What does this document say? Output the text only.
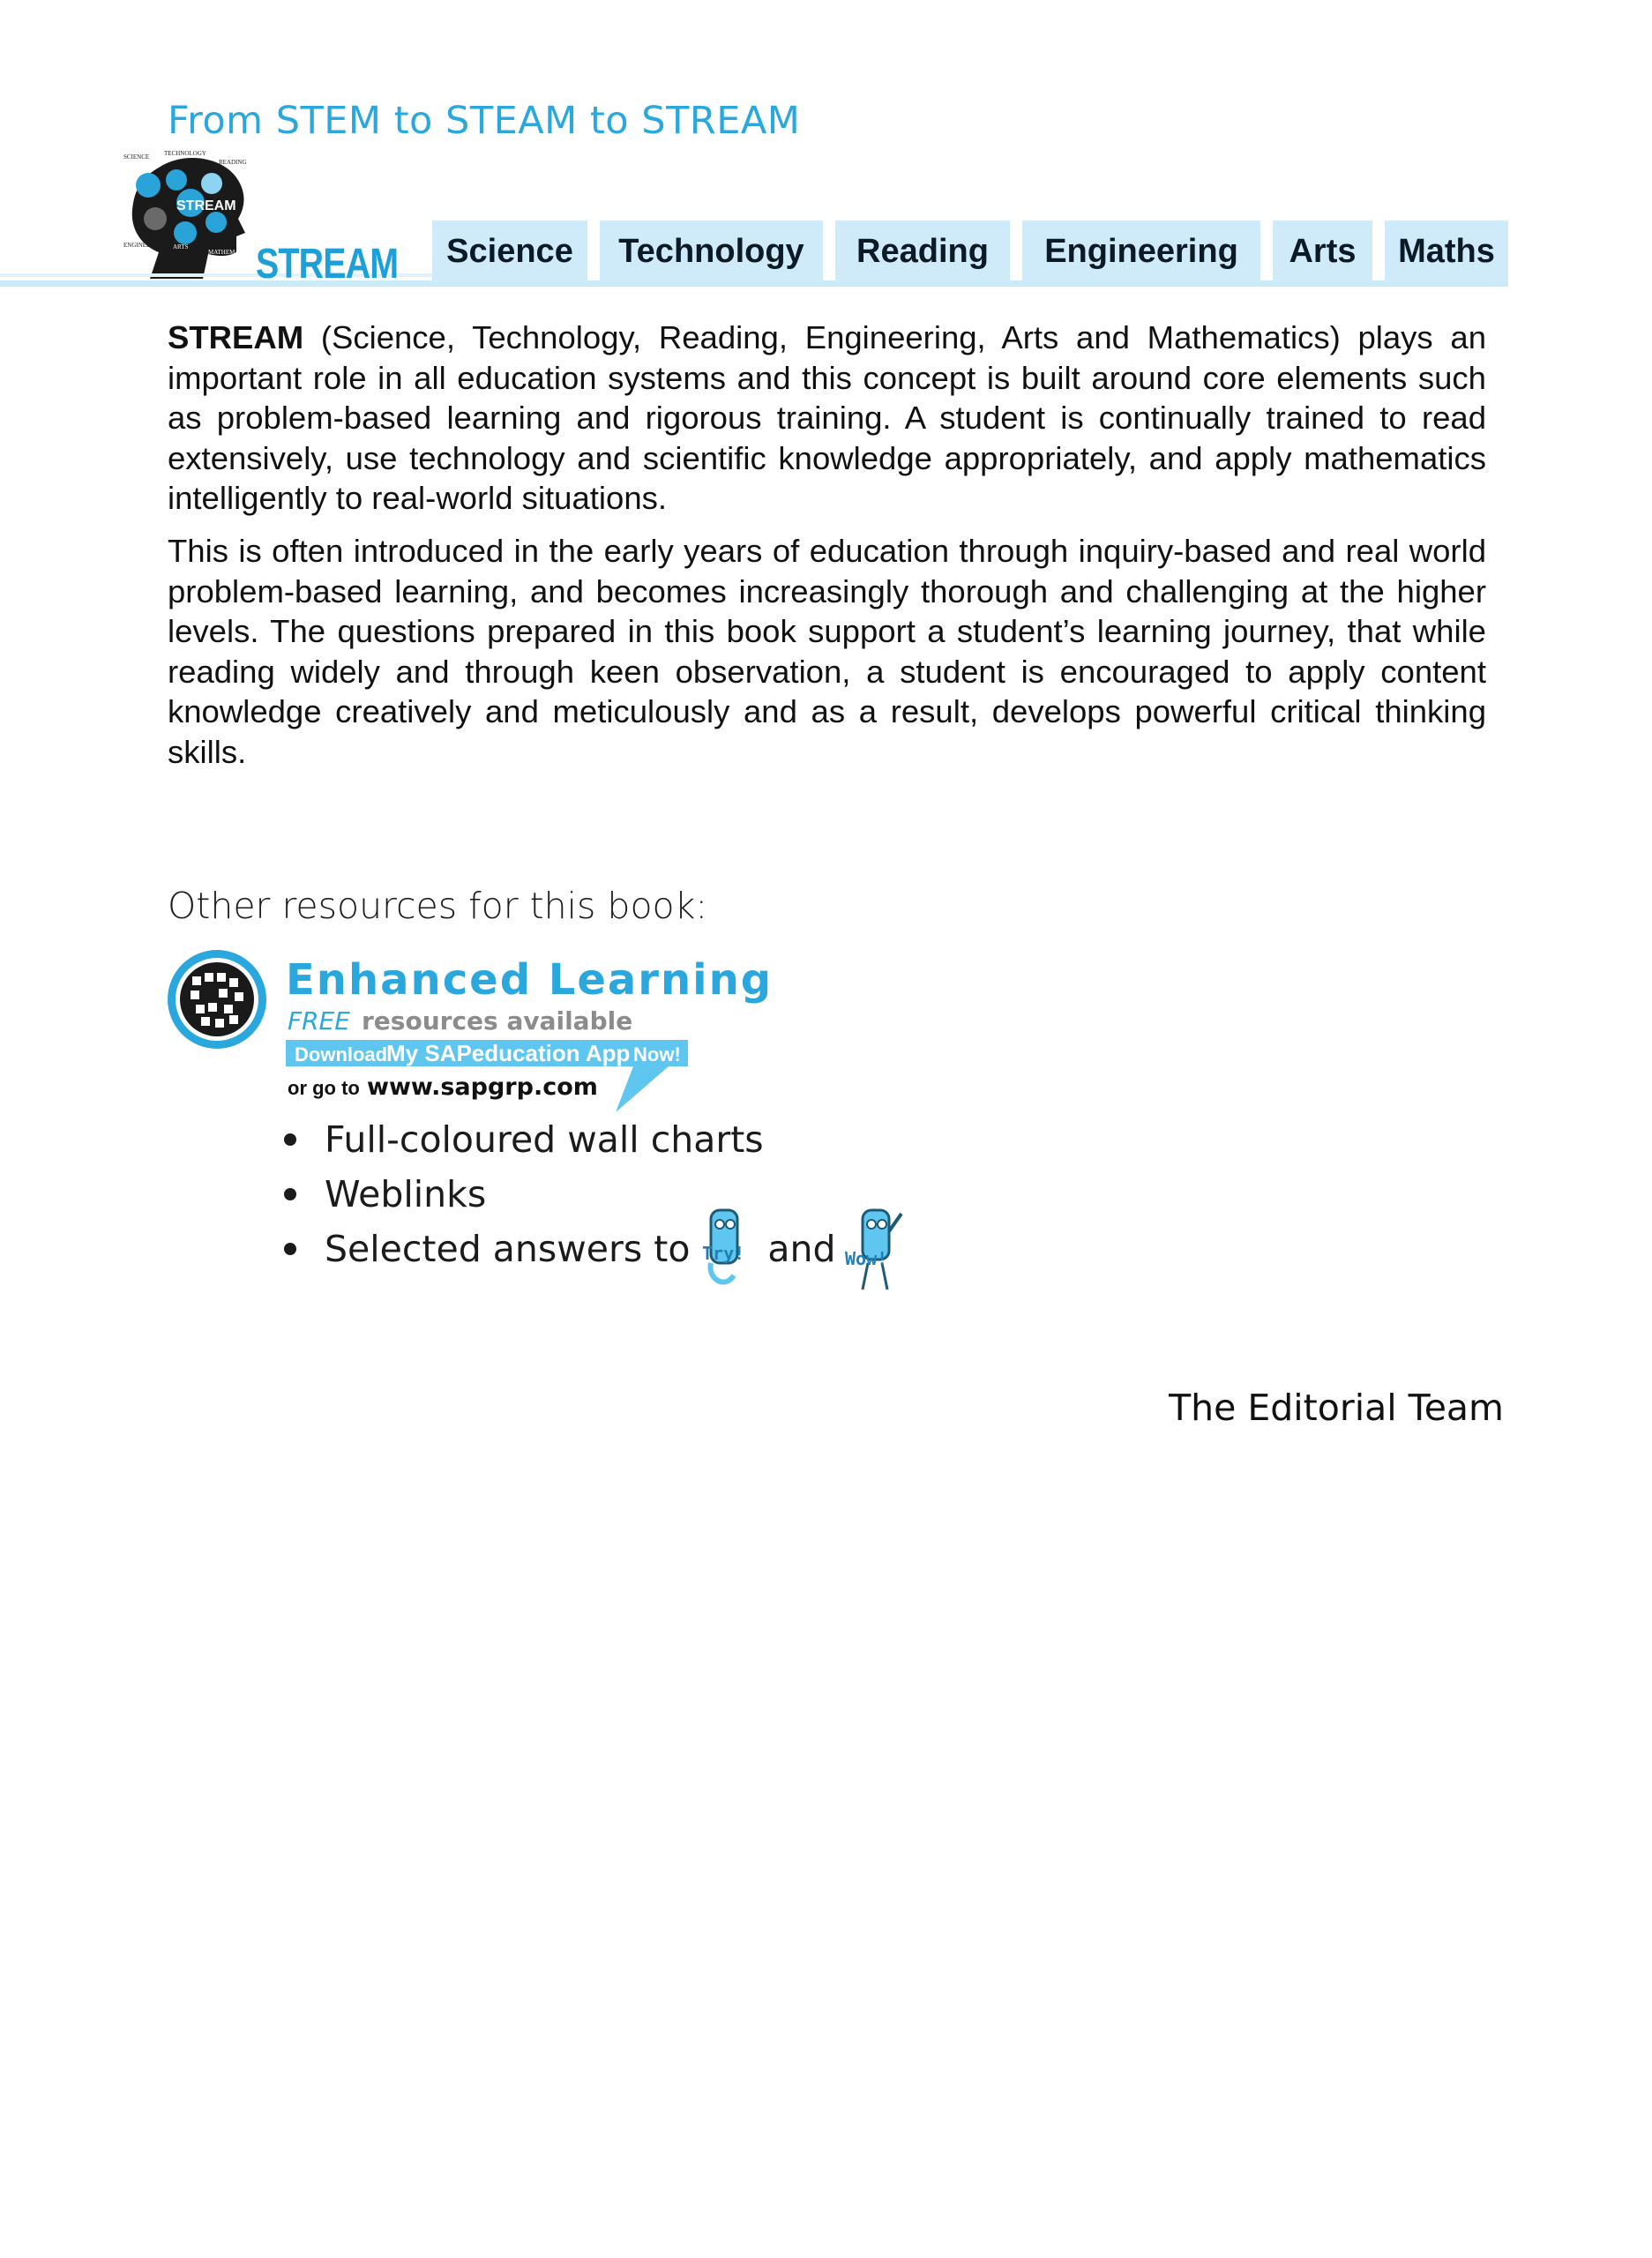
From STEM to STEAM to STREAM
STREAM
SCIENCE TECHNOLOGY
READING
ENGINEERING ARTS
MATHEMATICS STREAM	Science	Technology	Reading	Engineering	Arts	Maths

STREAM (Science, Technology, Reading, Engineering, Arts and Mathematics) plays an important role in all education systems and this concept is built around core elements such as problem-based learning and rigorous training. A student is continually trained to read extensively, use technology and scientific knowledge appropriately, and apply mathematics intelligently to real-world situations.

This is often introduced in the early years of education through inquiry-based and real world problem-based learning, and becomes increasingly thorough and challenging at the higher levels. The questions prepared in this book support a student’s learning journey, that while reading widely and through keen observation, a student is encouraged to apply content knowledge creatively and meticulously and as a result, develops powerful critical thinking skills.

Other resources for this book:
Enhanced Learning
FREE resources available
Download
My SAPeducation App Now!
or go to www.sapgrp.com
Full-coloured wall charts
Weblinks
Selected answers to Try! and Wow!
The Editorial Team
